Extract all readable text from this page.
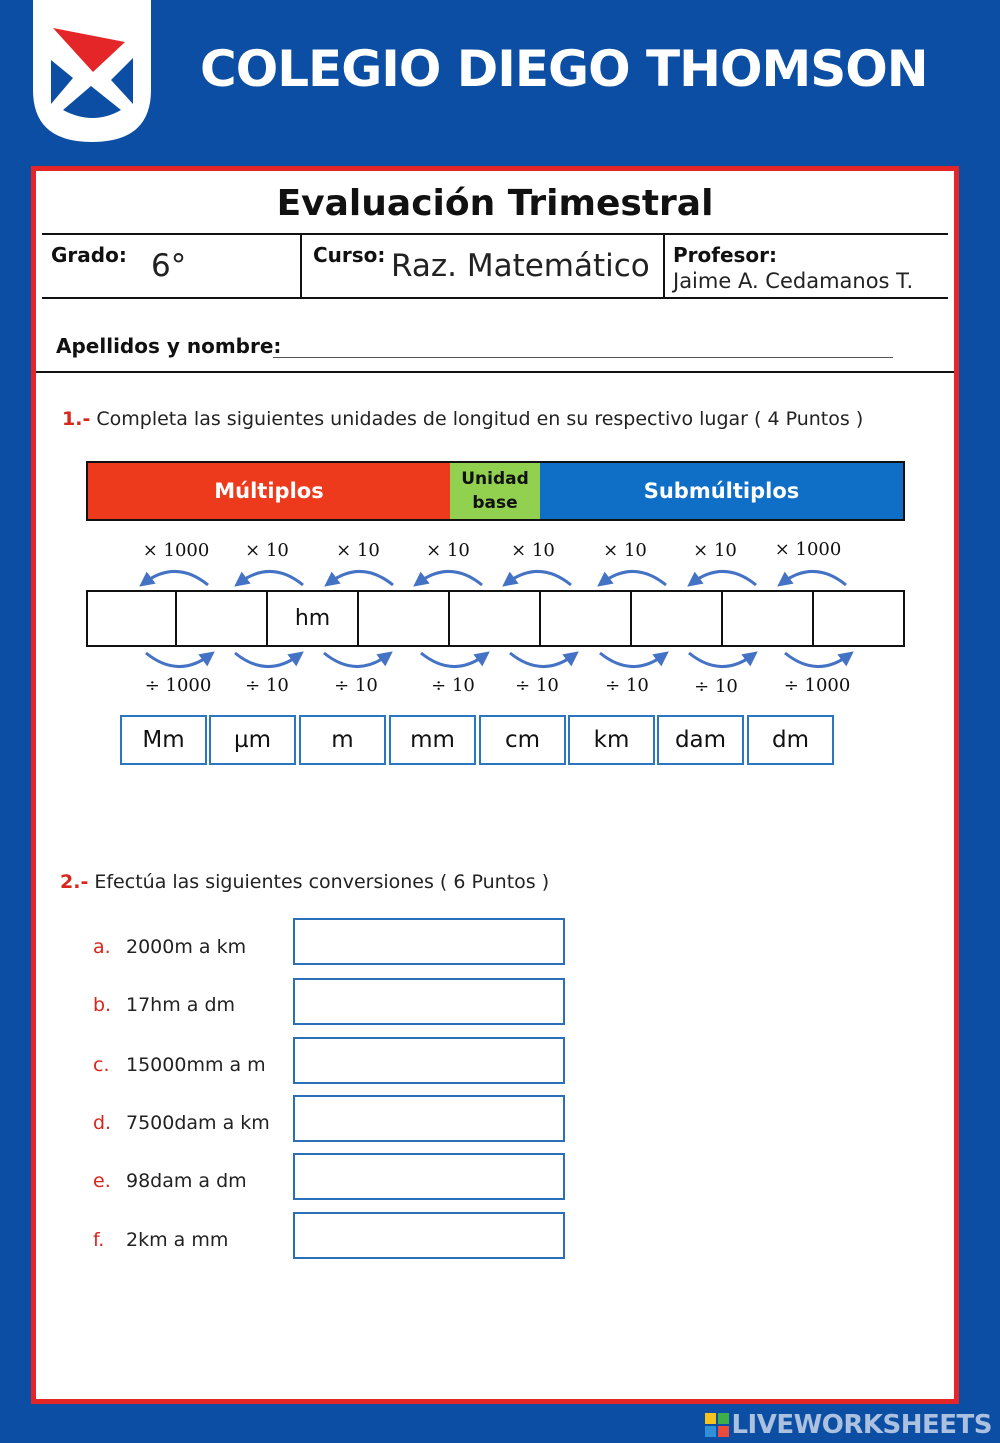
COLEGIO DIEGO THOMSON
Evaluación Trimestral
Grado: 6°	Curso: Raz. Matemático Profesor:
Jaime A. Cedamanos T.
Apellidos y nombre:
1.- Completa las siguientes unidades de longitud en su respectivo lugar ( 4 Puntos )
Múltiplos	Unidad
base	Submúltiplos
× 1000	× 10	× 10	× 10	× 10	× 10	× 10	× 1000
hm
÷ 1000	÷ 10	÷ 10	÷ 10	÷ 10	÷ 10	÷ 10	÷ 1000
Mm	µm	m	mm	cm	km	dam	dm
2.- Efectúa las siguientes conversiones ( 6 Puntos )
a. 2000m a km
b. 17hm a dm
c. 15000mm a m
d. 7500dam a km
e. 98dam a dm
f. 2km a mm
LIVEWORKSHEETS
